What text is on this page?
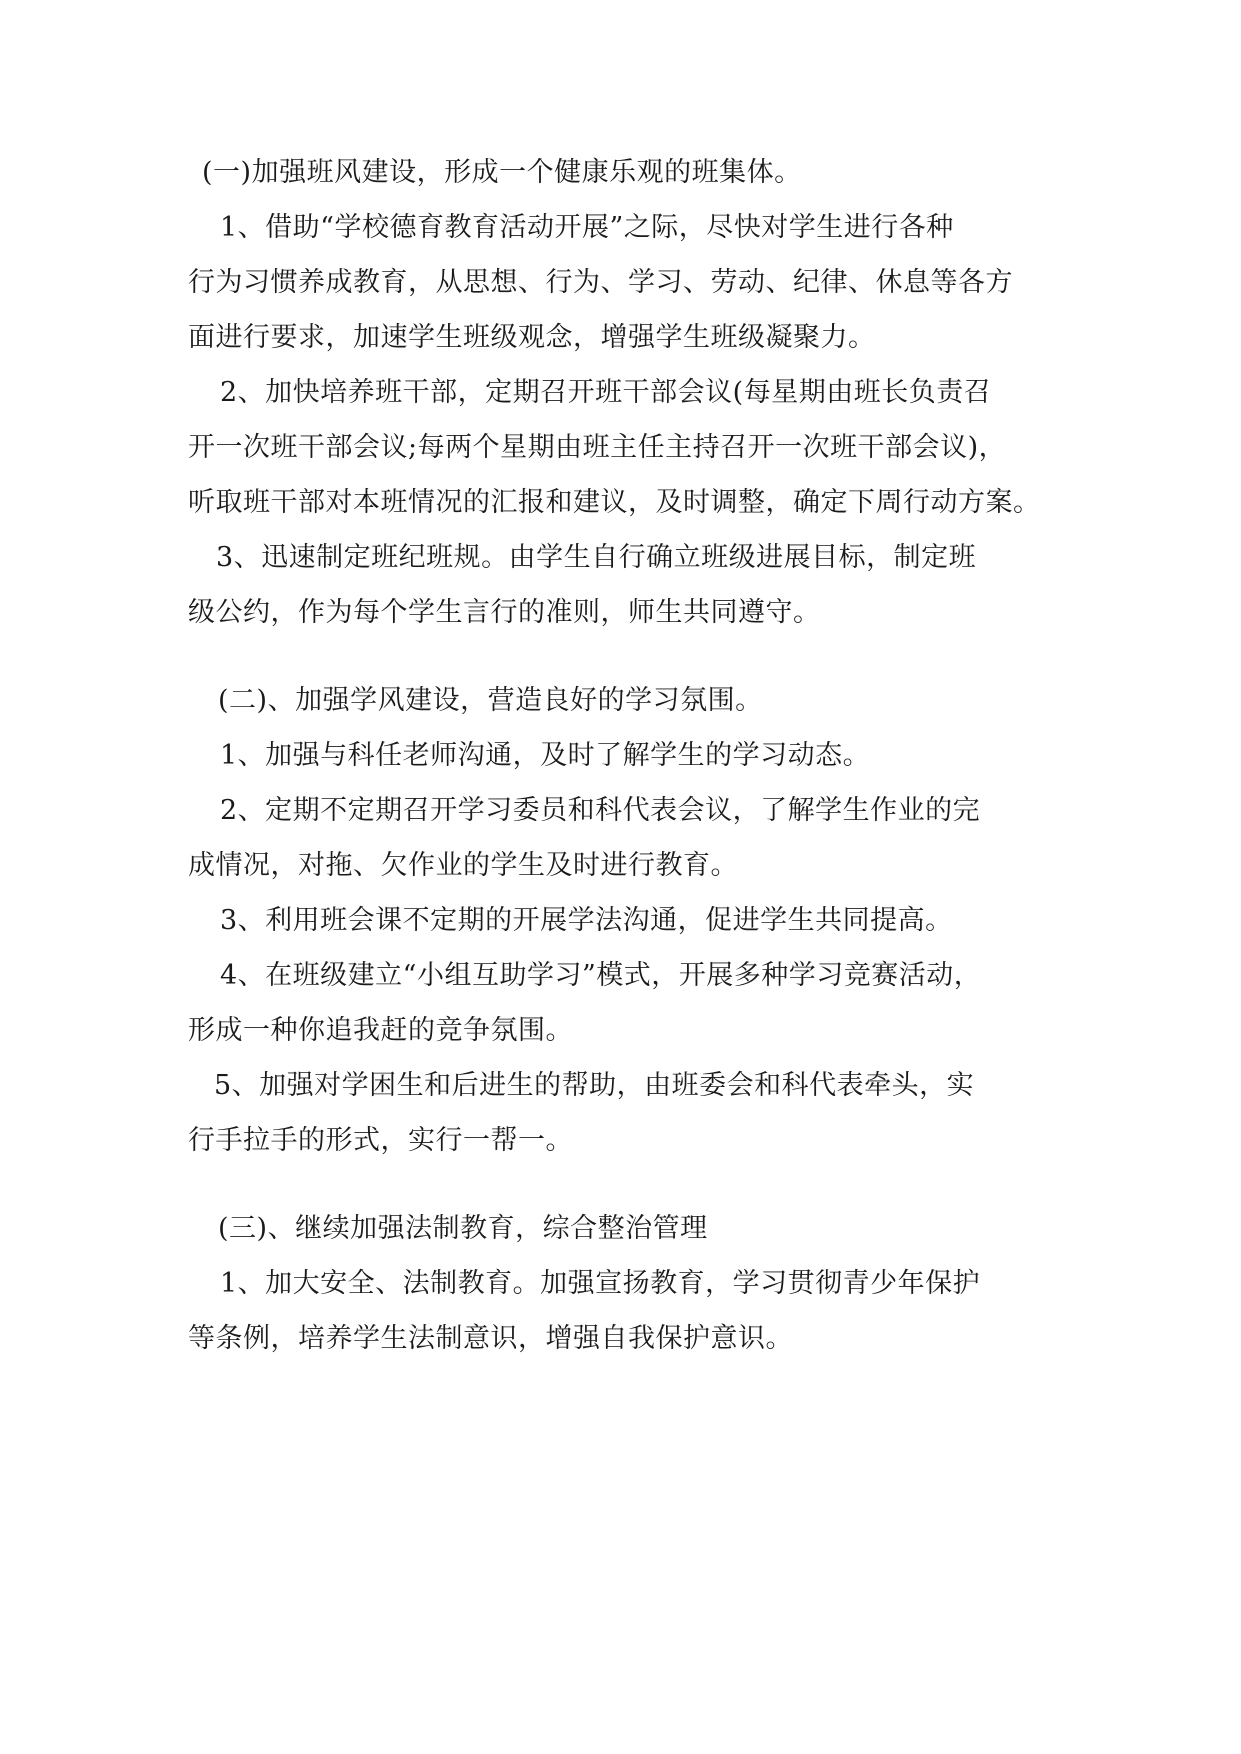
(一)加强班风建设，形成一个健康乐观的班集体。
1、借助“学校德育教育活动开展”之际，尽快对学生进行各种
行为习惯养成教育，从思想、行为、学习、劳动、纪律、休息等各方
面进行要求，加速学生班级观念，增强学生班级凝聚力。
2、加快培养班干部，定期召开班干部会议(每星期由班长负责召
开一次班干部会议;每两个星期由班主任主持召开一次班干部会议)，
听取班干部对本班情况的汇报和建议，及时调整，确定下周行动方案。
3、迅速制定班纪班规。由学生自行确立班级进展目标，制定班
级公约，作为每个学生言行的准则，师生共同遵守。
(二)、加强学风建设，营造良好的学习氛围。
1、加强与科任老师沟通，及时了解学生的学习动态。
2、定期不定期召开学习委员和科代表会议，了解学生作业的完
成情况，对拖、欠作业的学生及时进行教育。
3、利用班会课不定期的开展学法沟通，促进学生共同提高。
4、在班级建立“小组互助学习”模式，开展多种学习竞赛活动，
形成一种你追我赶的竞争氛围。
5、加强对学困生和后进生的帮助，由班委会和科代表牵头，实
行手拉手的形式，实行一帮一。
(三)、继续加强法制教育，综合整治管理
1、加大安全、法制教育。加强宣扬教育，学习贯彻青少年保护
等条例，培养学生法制意识，增强自我保护意识。
